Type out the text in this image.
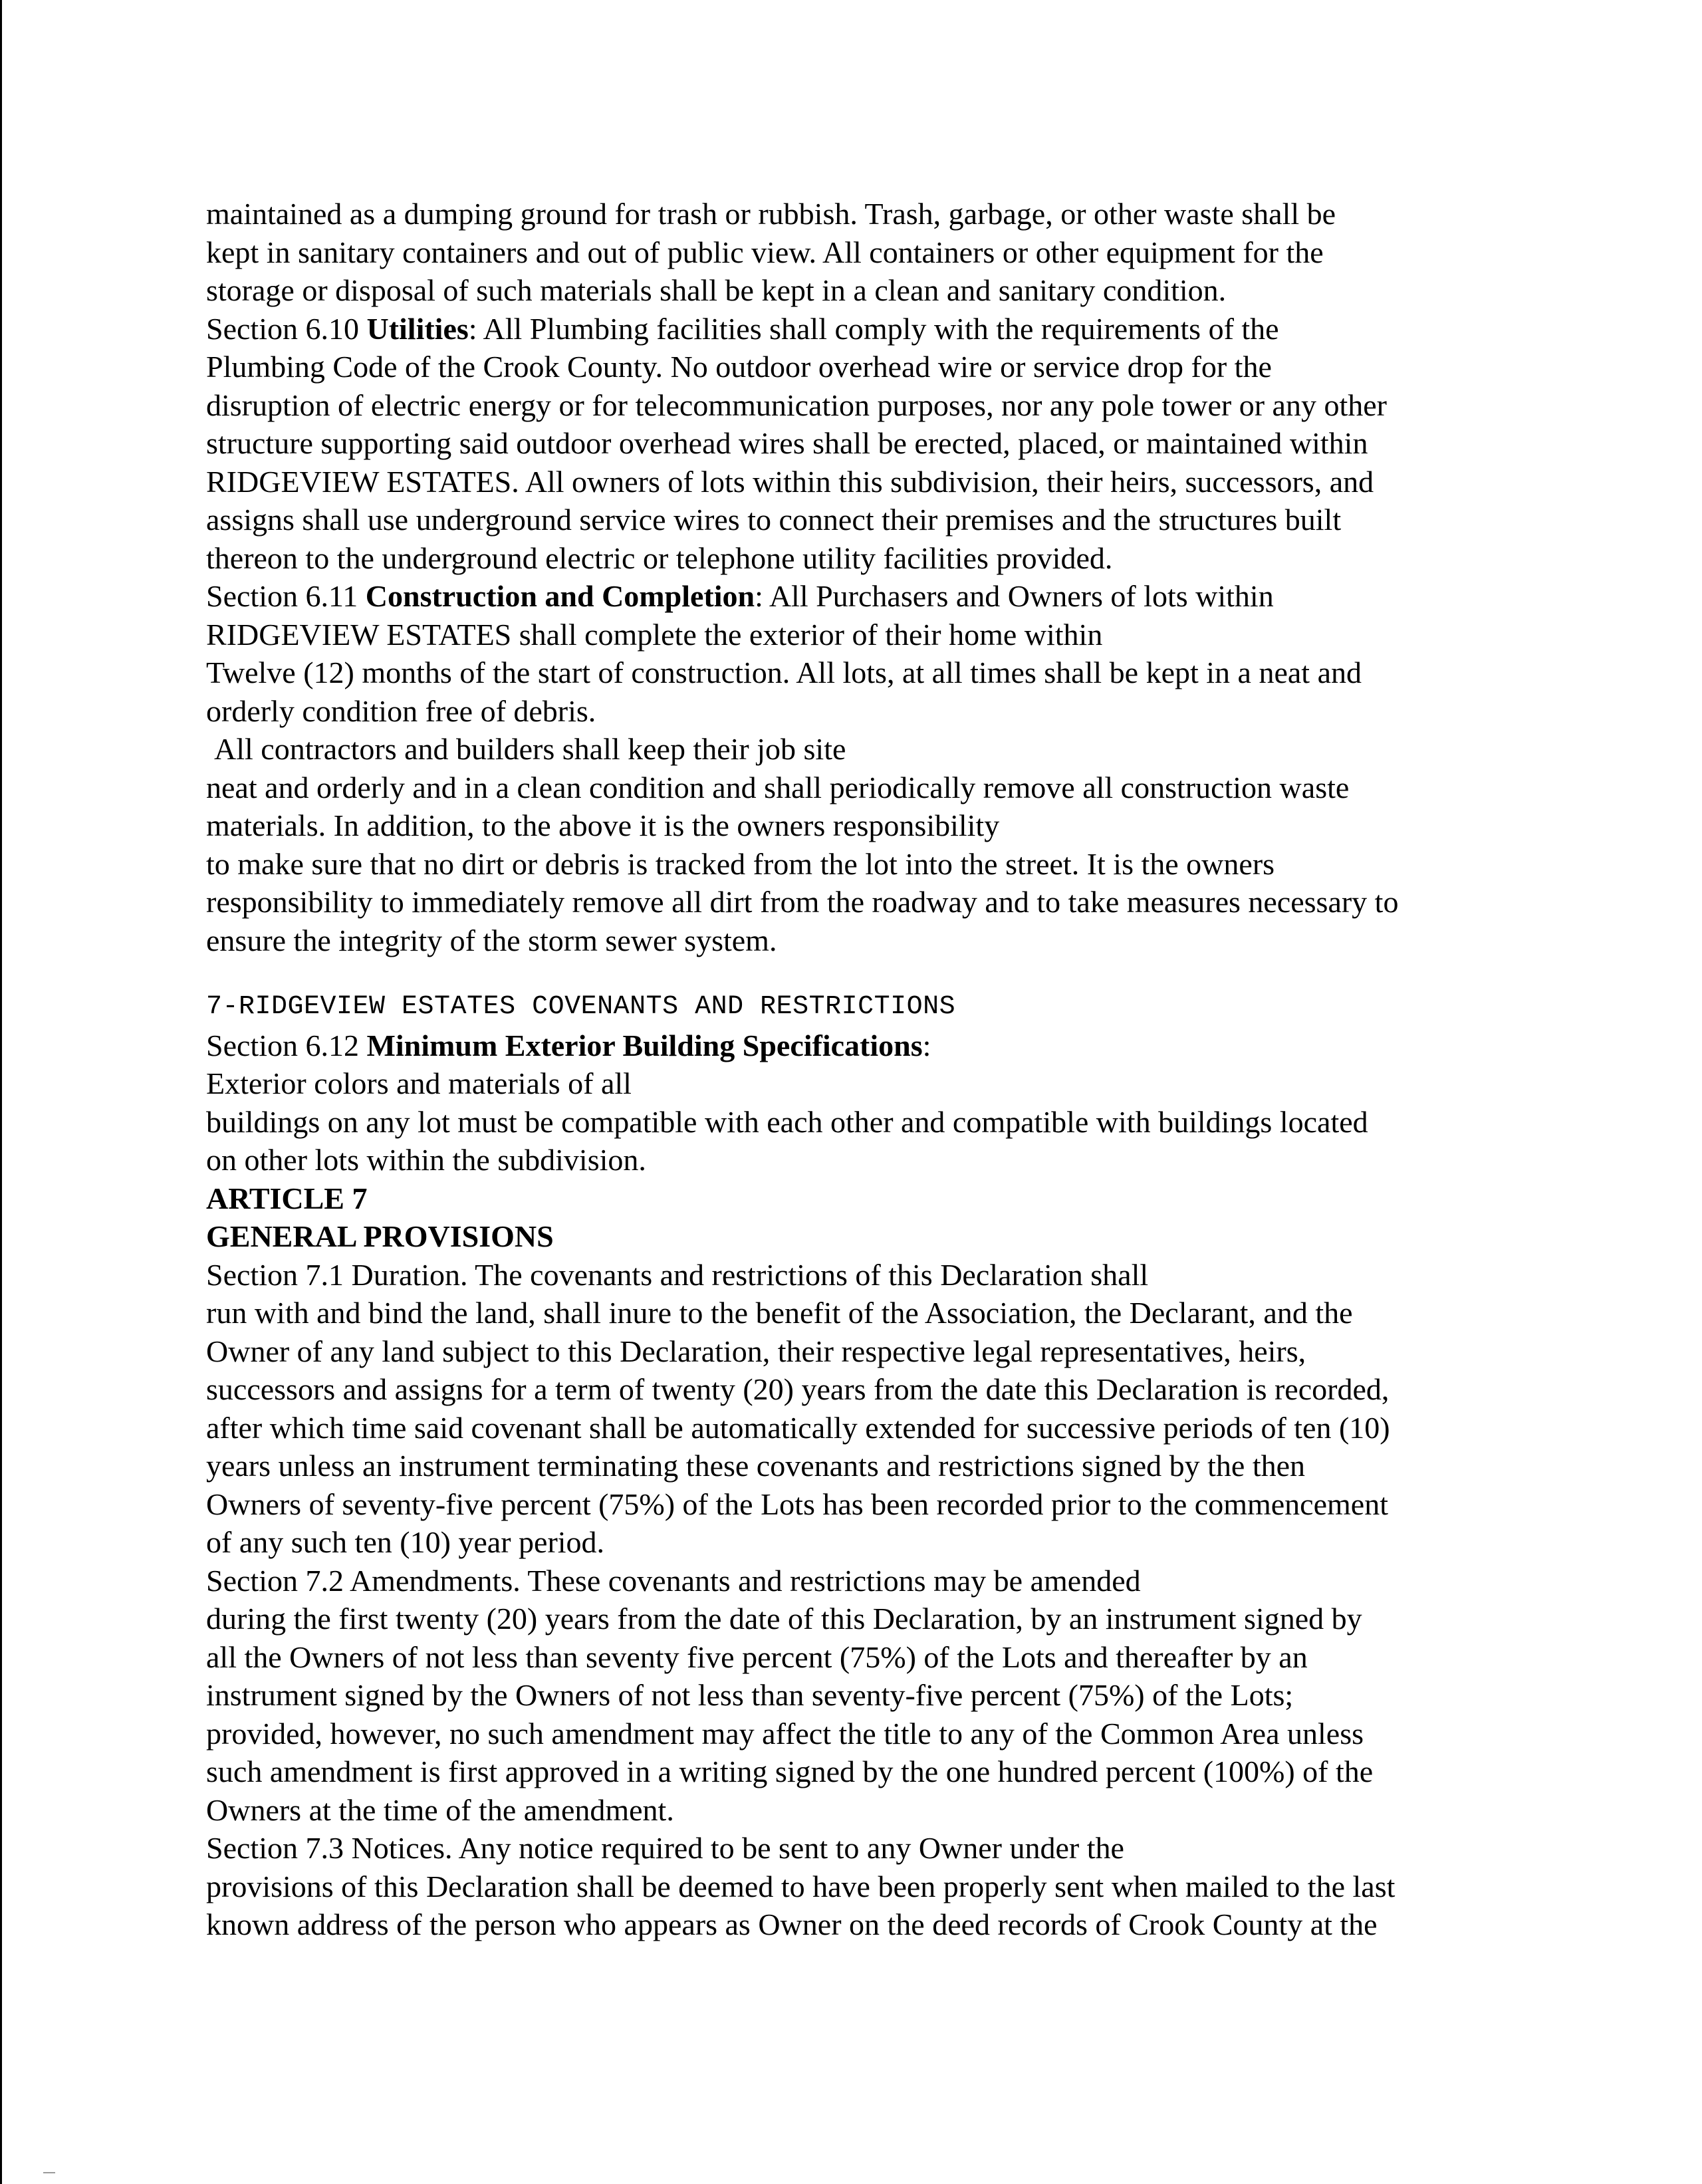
maintained as a dumping ground for trash or rubbish. Trash, garbage, or other waste shall be
kept in sanitary containers and out of public view. All containers or other equipment for the
storage or disposal of such materials shall be kept in a clean and sanitary condition.
Section 6.10 Utilities: All Plumbing facilities shall comply with the requirements of the
Plumbing Code of the Crook County. No outdoor overhead wire or service drop for the
disruption of electric energy or for telecommunication purposes, nor any pole tower or any other
structure supporting said outdoor overhead wires shall be erected, placed, or maintained within
RIDGEVIEW ESTATES. All owners of lots within this subdivision, their heirs, successors, and
assigns shall use underground service wires to connect their premises and the structures built
thereon to the underground electric or telephone utility facilities provided.
Section 6.11 Construction and Completion: All Purchasers and Owners of lots within
RIDGEVIEW ESTATES shall complete the exterior of their home within
Twelve (12) months of the start of construction. All lots, at all times shall be kept in a neat and
orderly condition free of debris.
All contractors and builders shall keep their job site
neat and orderly and in a clean condition and shall periodically remove all construction waste
materials. In addition, to the above it is the owners responsibility
to make sure that no dirt or debris is tracked from the lot into the street. It is the owners
responsibility to immediately remove all dirt from the roadway and to take measures necessary to
ensure the integrity of the storm sewer system.
7-RIDGEVIEW ESTATES COVENANTS AND RESTRICTIONS
Section 6.12 Minimum Exterior Building Specifications:
Exterior colors and materials of all
buildings on any lot must be compatible with each other and compatible with buildings located
on other lots within the subdivision.
ARTICLE 7
GENERAL PROVISIONS
Section 7.1 Duration. The covenants and restrictions of this Declaration shall
run with and bind the land, shall inure to the benefit of the Association, the Declarant, and the
Owner of any land subject to this Declaration, their respective legal representatives, heirs,
successors and assigns for a term of twenty (20) years from the date this Declaration is recorded,
after which time said covenant shall be automatically extended for successive periods of ten (10)
years unless an instrument terminating these covenants and restrictions signed by the then
Owners of seventy-five percent (75%) of the Lots has been recorded prior to the commencement
of any such ten (10) year period.
Section 7.2 Amendments. These covenants and restrictions may be amended
during the first twenty (20) years from the date of this Declaration, by an instrument signed by
all the Owners of not less than seventy five percent (75%) of the Lots and thereafter by an
instrument signed by the Owners of not less than seventy-five percent (75%) of the Lots;
provided, however, no such amendment may affect the title to any of the Common Area unless
such amendment is first approved in a writing signed by the one hundred percent (100%) of the
Owners at the time of the amendment.
Section 7.3 Notices. Any notice required to be sent to any Owner under the
provisions of this Declaration shall be deemed to have been properly sent when mailed to the last
known address of the person who appears as Owner on the deed records of Crook County at the
